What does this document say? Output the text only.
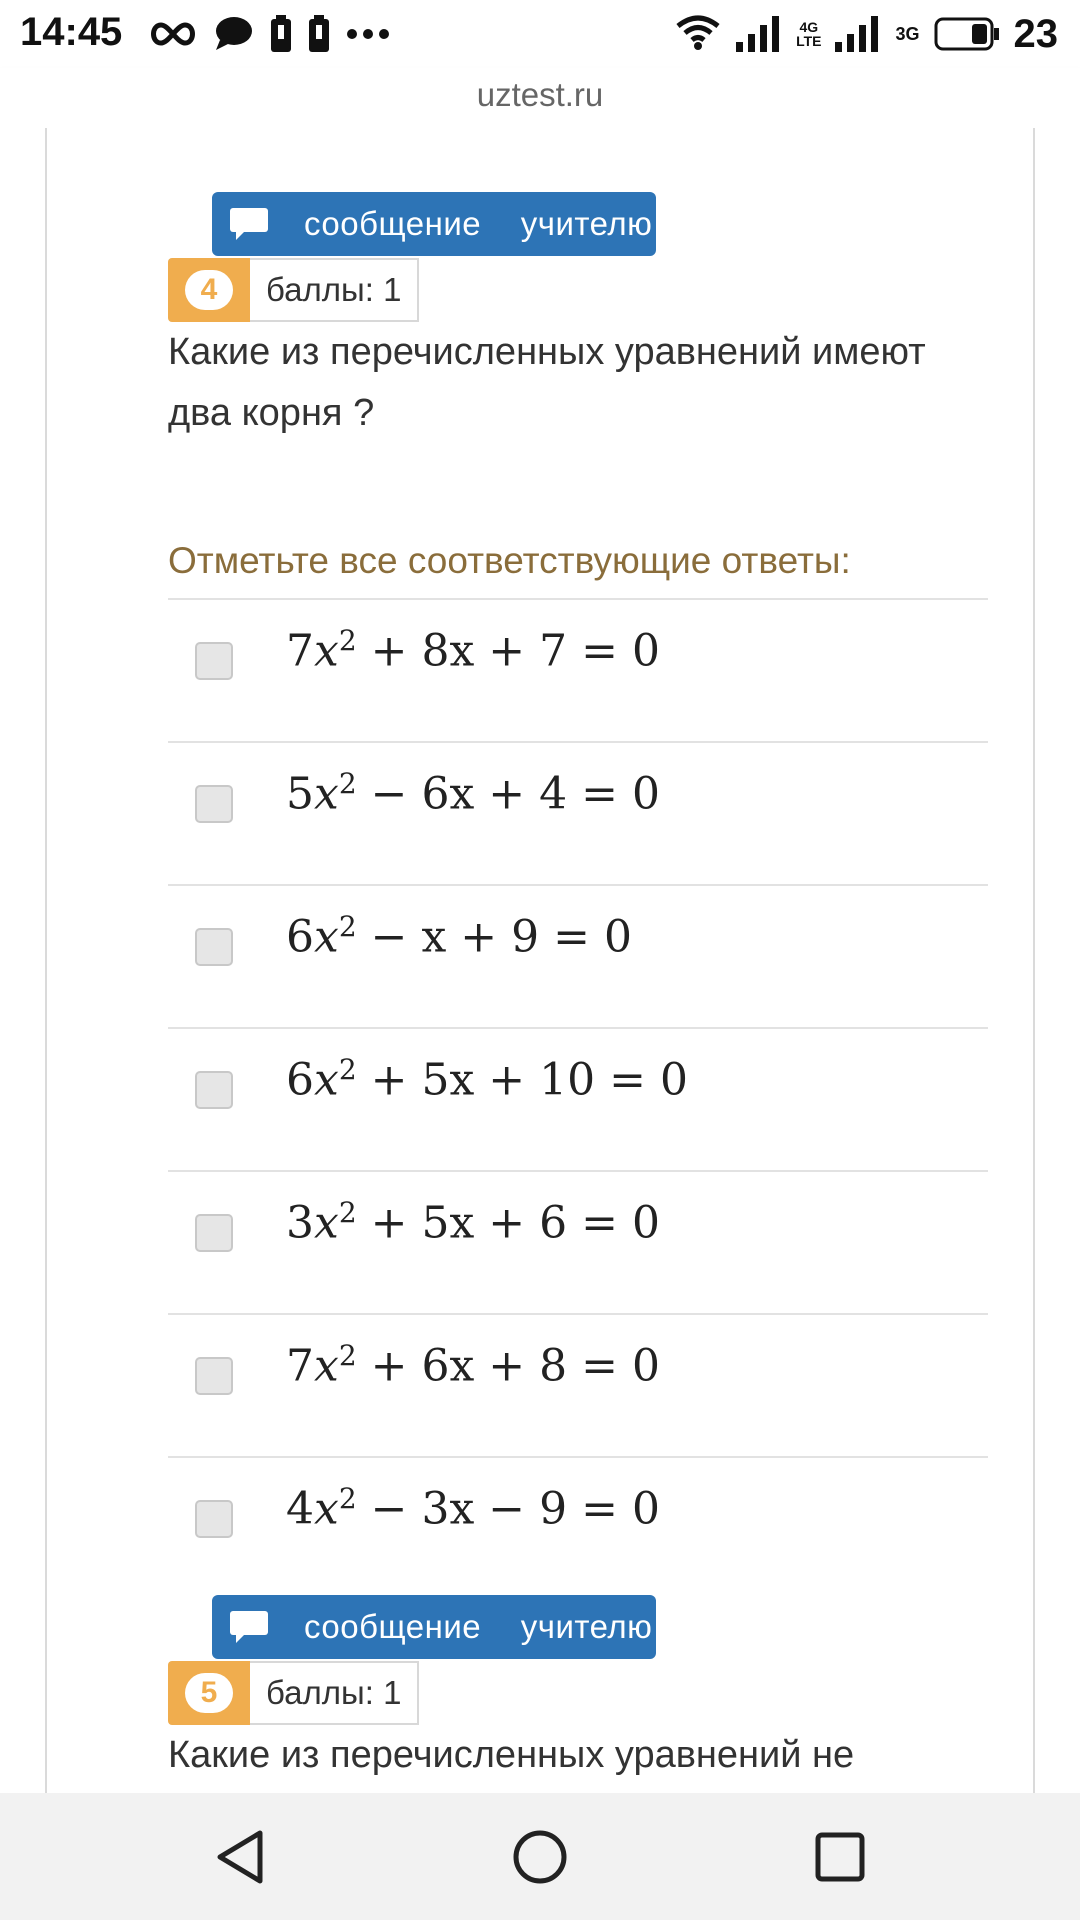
14:45	4G
LTE	3G 23
uztest.ru
сообщение учителю
4	баллы: 1
Какие из перечисленных уравнений имеют два корня ?
Отметьте все соответствующие ответы:
$7x^2 + 8x + 7 = 0$
$5x^2 - 6x + 4 = 0$
$6x^2 - x + 9 = 0$
$6x^2 + 5x + 10 = 0$
$3x^2 + 5x + 6 = 0$
$7x^2 + 6x + 8 = 0$
$4x^2 - 3x - 9 = 0$
сообщение учителю
5	баллы: 1
Какие из перечисленных уравнений не
